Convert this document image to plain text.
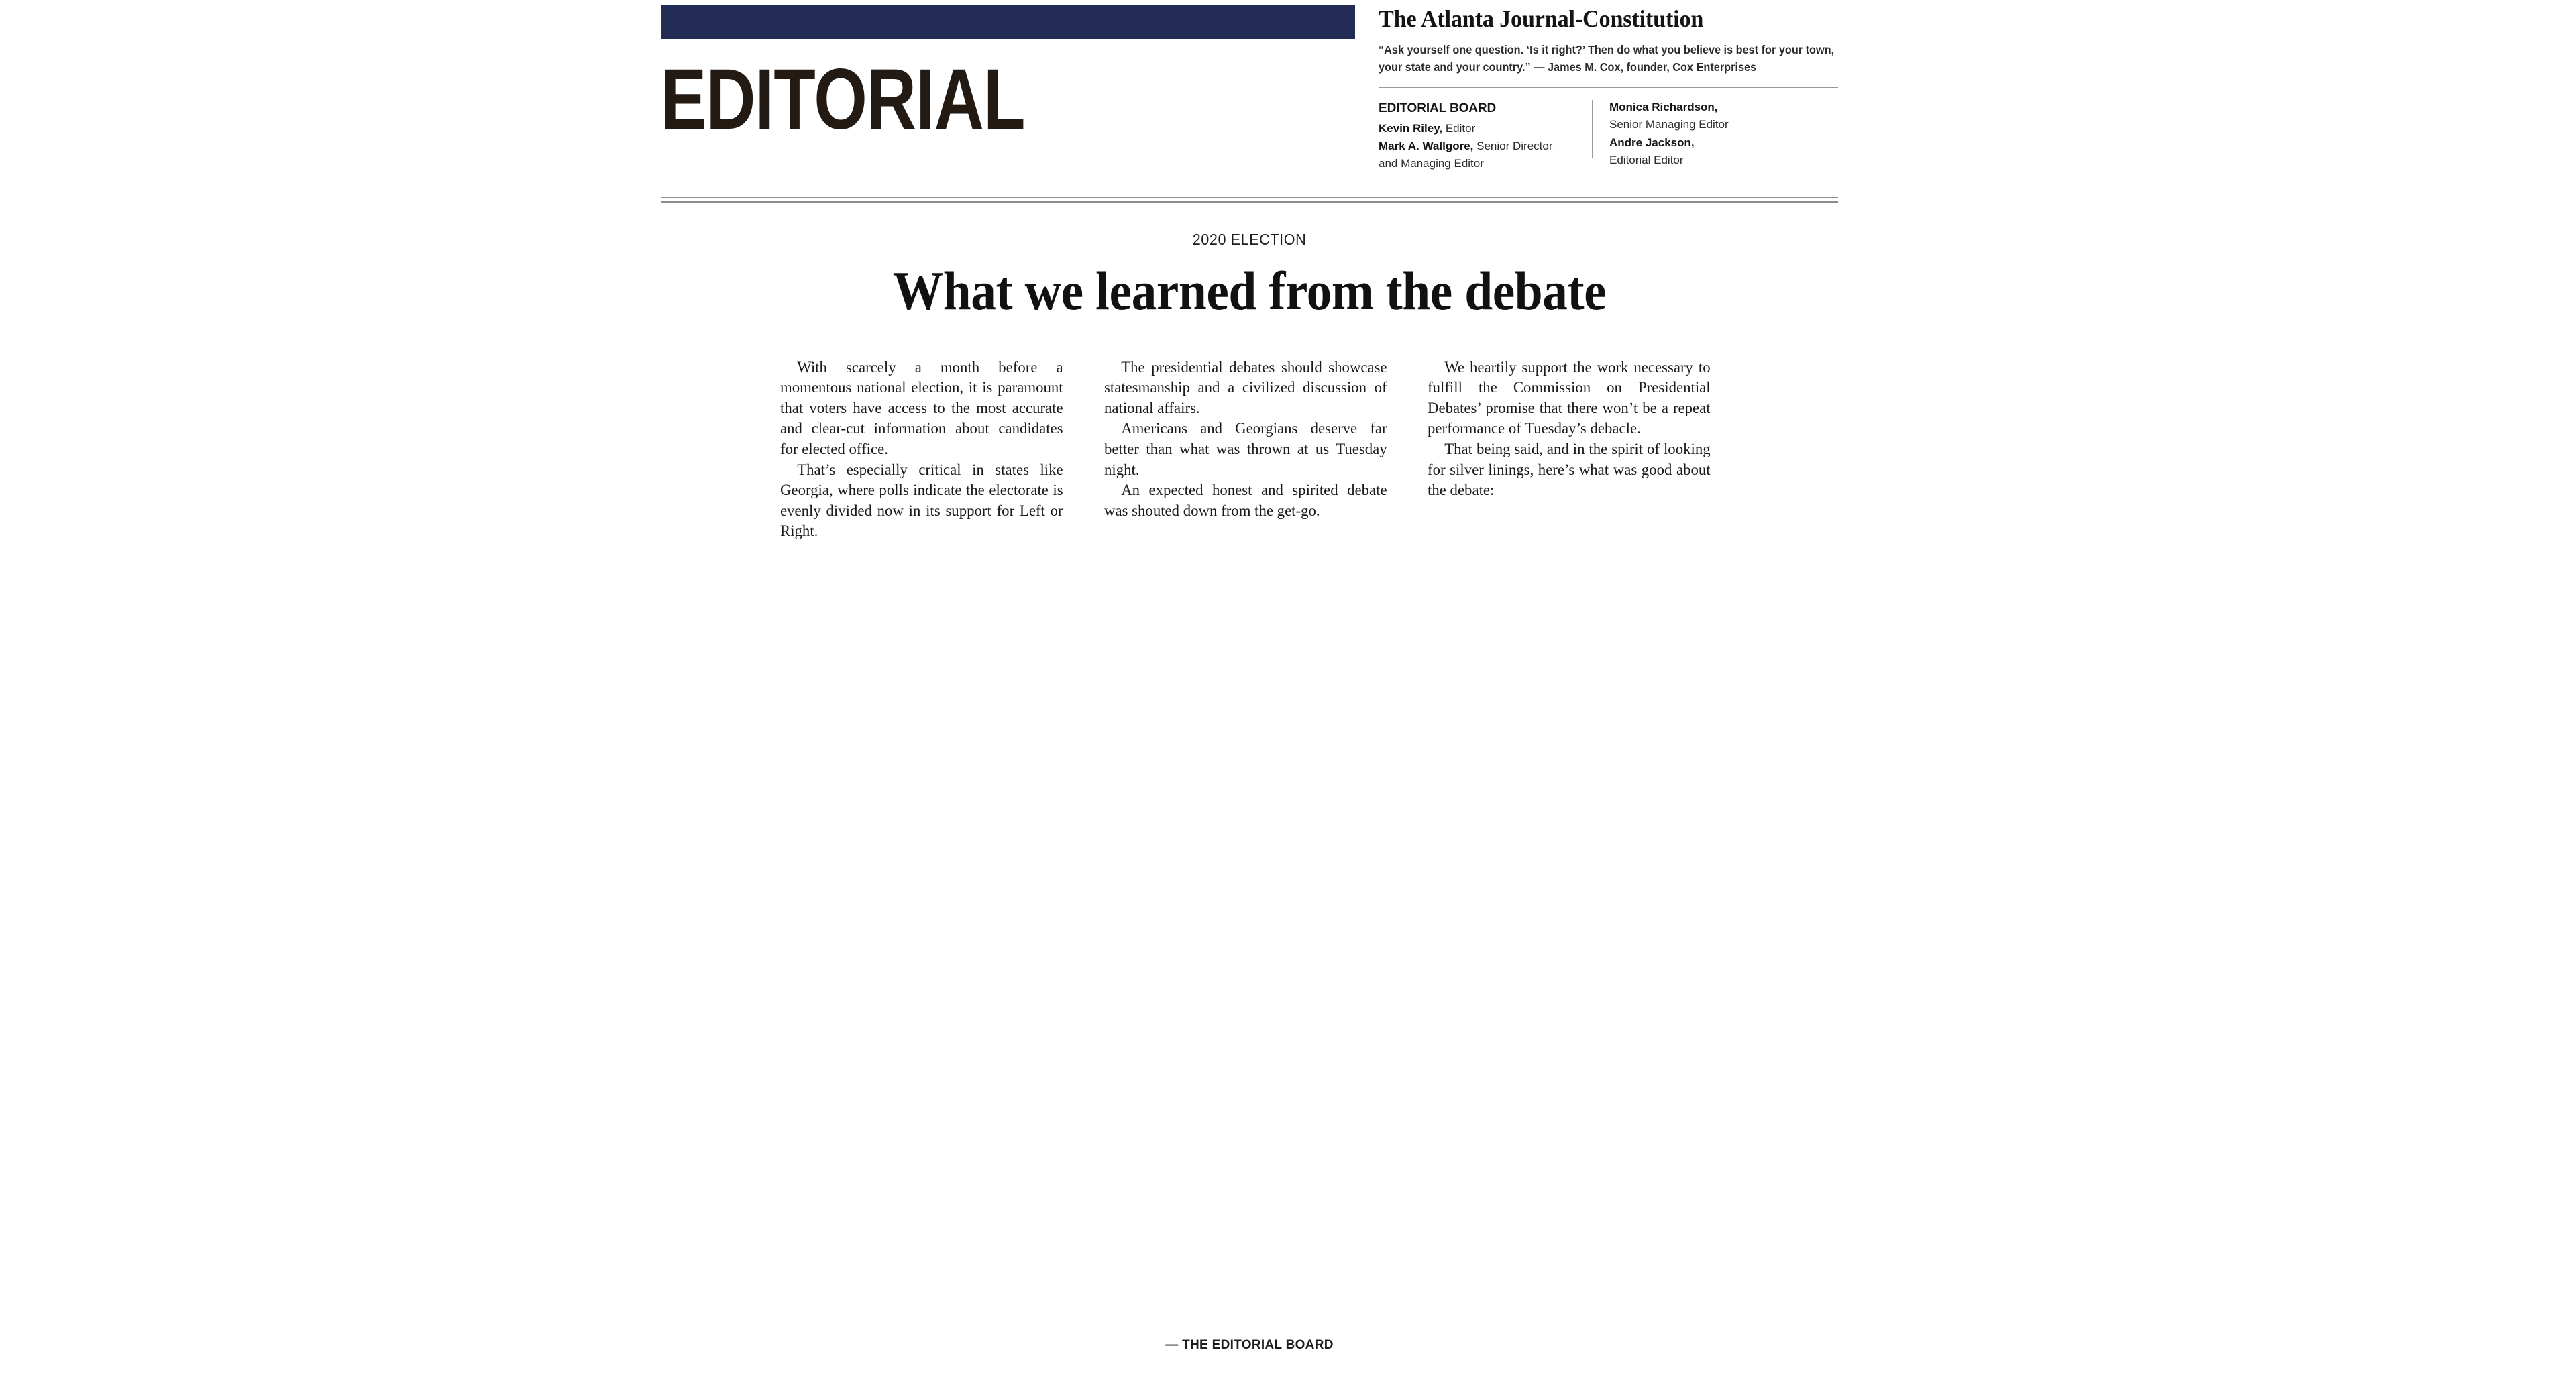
EDITORIAL
The Atlanta Journal-Constitution
“Ask yourself one question. ‘Is it right?’ Then do what you believe is best for your town, your state and your country.” — James M. Cox, founder, Cox Enterprises
EDITORIAL BOARD
Kevin Riley, Editor
Mark A. Wallgore, Senior Director
and Managing Editor
Monica Richardson,
Senior Managing Editor
Andre Jackson,
Editorial Editor
2020 ELECTION
What we learned from the debate

With scarcely a month before a momentous national election, it is paramount that voters have access to the most accurate and clear-cut information about candidates for elected office.

That’s especially critical in states like Georgia, where polls indicate the electorate is evenly divided now in its support for Left or Right.

The presidential debates should showcase statesmanship and a civilized discussion of national affairs.

Americans and Georgians deserve far better than what was thrown at us Tuesday night.

An expected honest and spirited debate was shouted down from the get-go.

We heartily support the work necessary to fulfill the Commission on Presidential Debates’ promise that there won’t be a repeat performance of Tuesday’s debacle.

That being said, and in the spirit of looking for silver linings, here’s what was good about the debate:

— THE EDITORIAL BOARD
